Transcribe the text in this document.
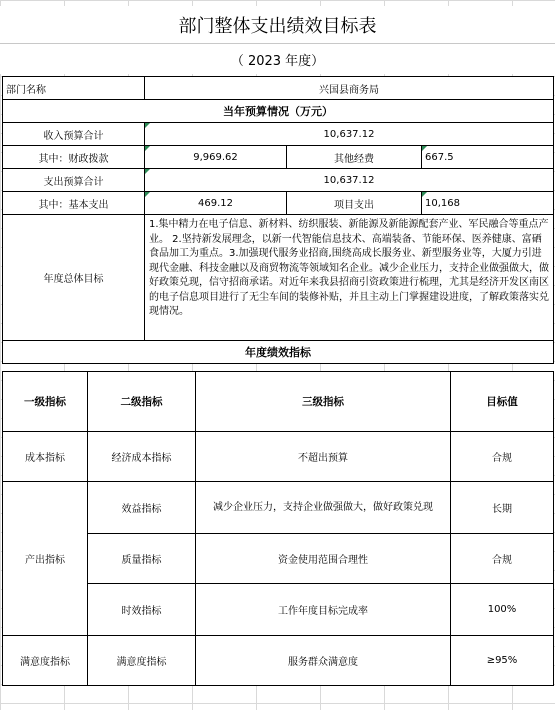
部门整体支出绩效目标表
（ 2023 年度）
部门名称	兴国县商务局		
当年预算情况（万元）			
收入预算合计	10,637.12		
其中：财政拨款	9,969.62	其他经费	667.5
支出预算合计	10,637.12		
其中：基本支出	469.12	项目支出	10,168
年度总体目标	1.集中精力在电子信息、新材料、纺织服装、新能源及新能源配套产业、军民融合等重点产业。 2.坚持新发展理念，以新一代智能信息技术、高端装备、节能环保、医养健康、富硒食品加工为重点。3.加强现代服务业招商,围绕高成长服务业、新型服务业等，大厦力引进现代金融、科技金融以及商贸物流等领域知名企业。减少企业压力，支持企业做强做大，做好政策兑现，信守招商承诺。对近年来我县招商引资政策进行梳理，尤其是经济开发区南区的电子信息项目进行了无尘车间的装修补贴，并且主动上门掌握建设进度，了解政策落实兑现情况。		
年度绩效指标			
一级指标	二级指标	三级指标	目标值
成本指标	经济成本指标	不超出预算	合规
产出指标	效益指标	减少企业压力，支持企业做强做大，做好政策兑现	长期
	质量指标	资金使用范围合理性	合规
	时效指标	工作年度目标完成率	100%
满意度指标	满意度指标	服务群众满意度	≥95%
